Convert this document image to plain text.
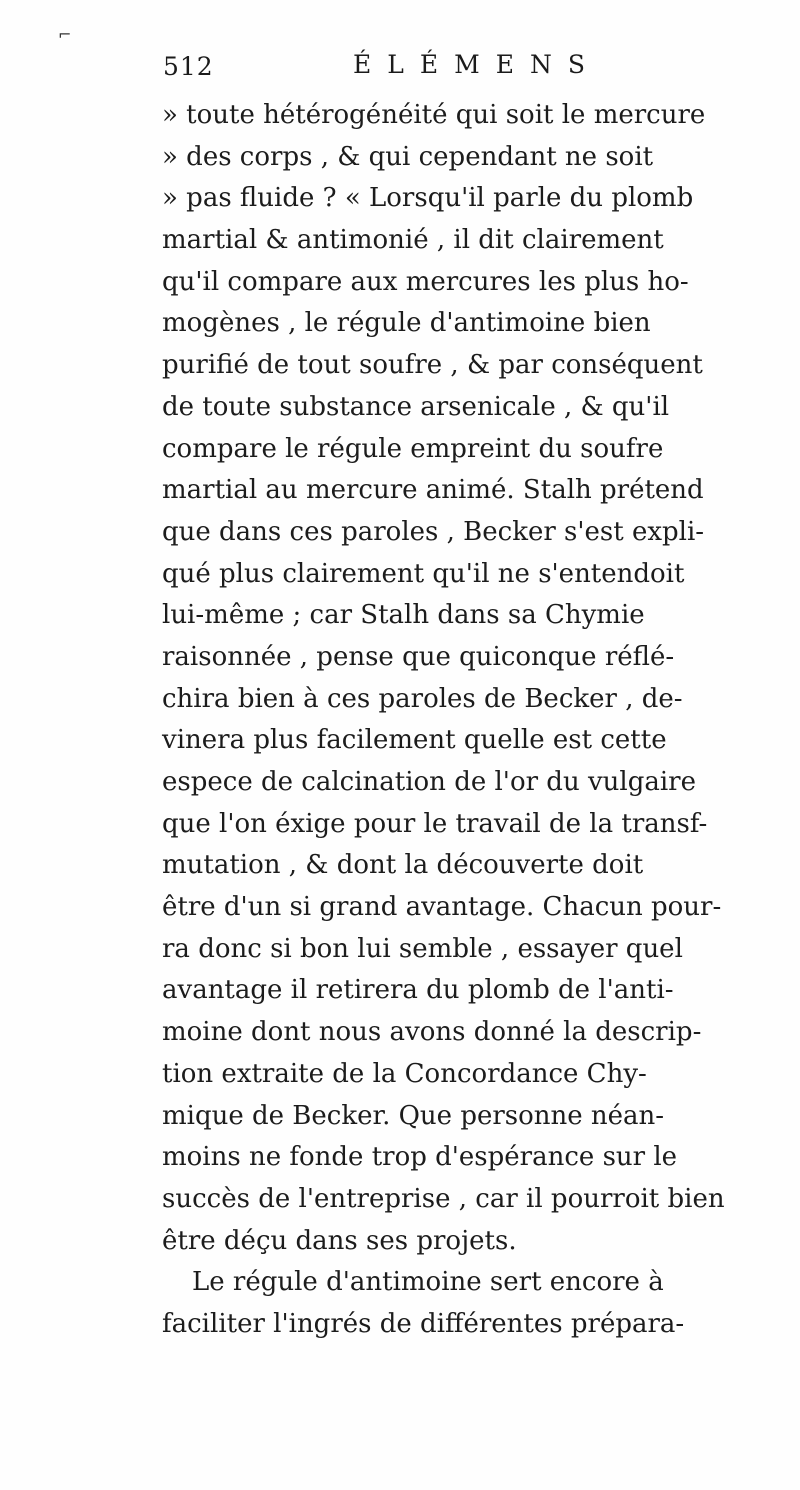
⌐
512	ÉLÉMENS
» toute hétérogénéité qui soit le mercure
» des corps , & qui cependant ne soit
» pas fluide ? « Lorsqu'il parle du plomb
martial & antimonié , il dit clairement
qu'il compare aux mercures les plus ho-
mogènes , le régule d'antimoine bien
purifié de tout soufre , & par conséquent
de toute substance arsenicale , & qu'il
compare le régule empreint du soufre
martial au mercure animé. Stalh prétend
que dans ces paroles , Becker s'est expli-
qué plus clairement qu'il ne s'entendoit
lui-même ; car Stalh dans sa Chymie
raisonnée , pense que quiconque réflé-
chira bien à ces paroles de Becker , de-
vinera plus facilement quelle est cette
espece de calcination de l'or du vulgaire
que l'on éxige pour le travail de la transf-
mutation , & dont la découverte doit
être d'un si grand avantage. Chacun pour-
ra donc si bon lui semble , essayer quel
avantage il retirera du plomb de l'anti-
moine dont nous avons donné la descrip-
tion extraite de la Concordance Chy-
mique de Becker. Que personne néan-
moins ne fonde trop d'espérance sur le
succès de l'entreprise , car il pourroit bien
être déçu dans ses projets.
Le régule d'antimoine sert encore à
faciliter l'ingrés de différentes prépara-
